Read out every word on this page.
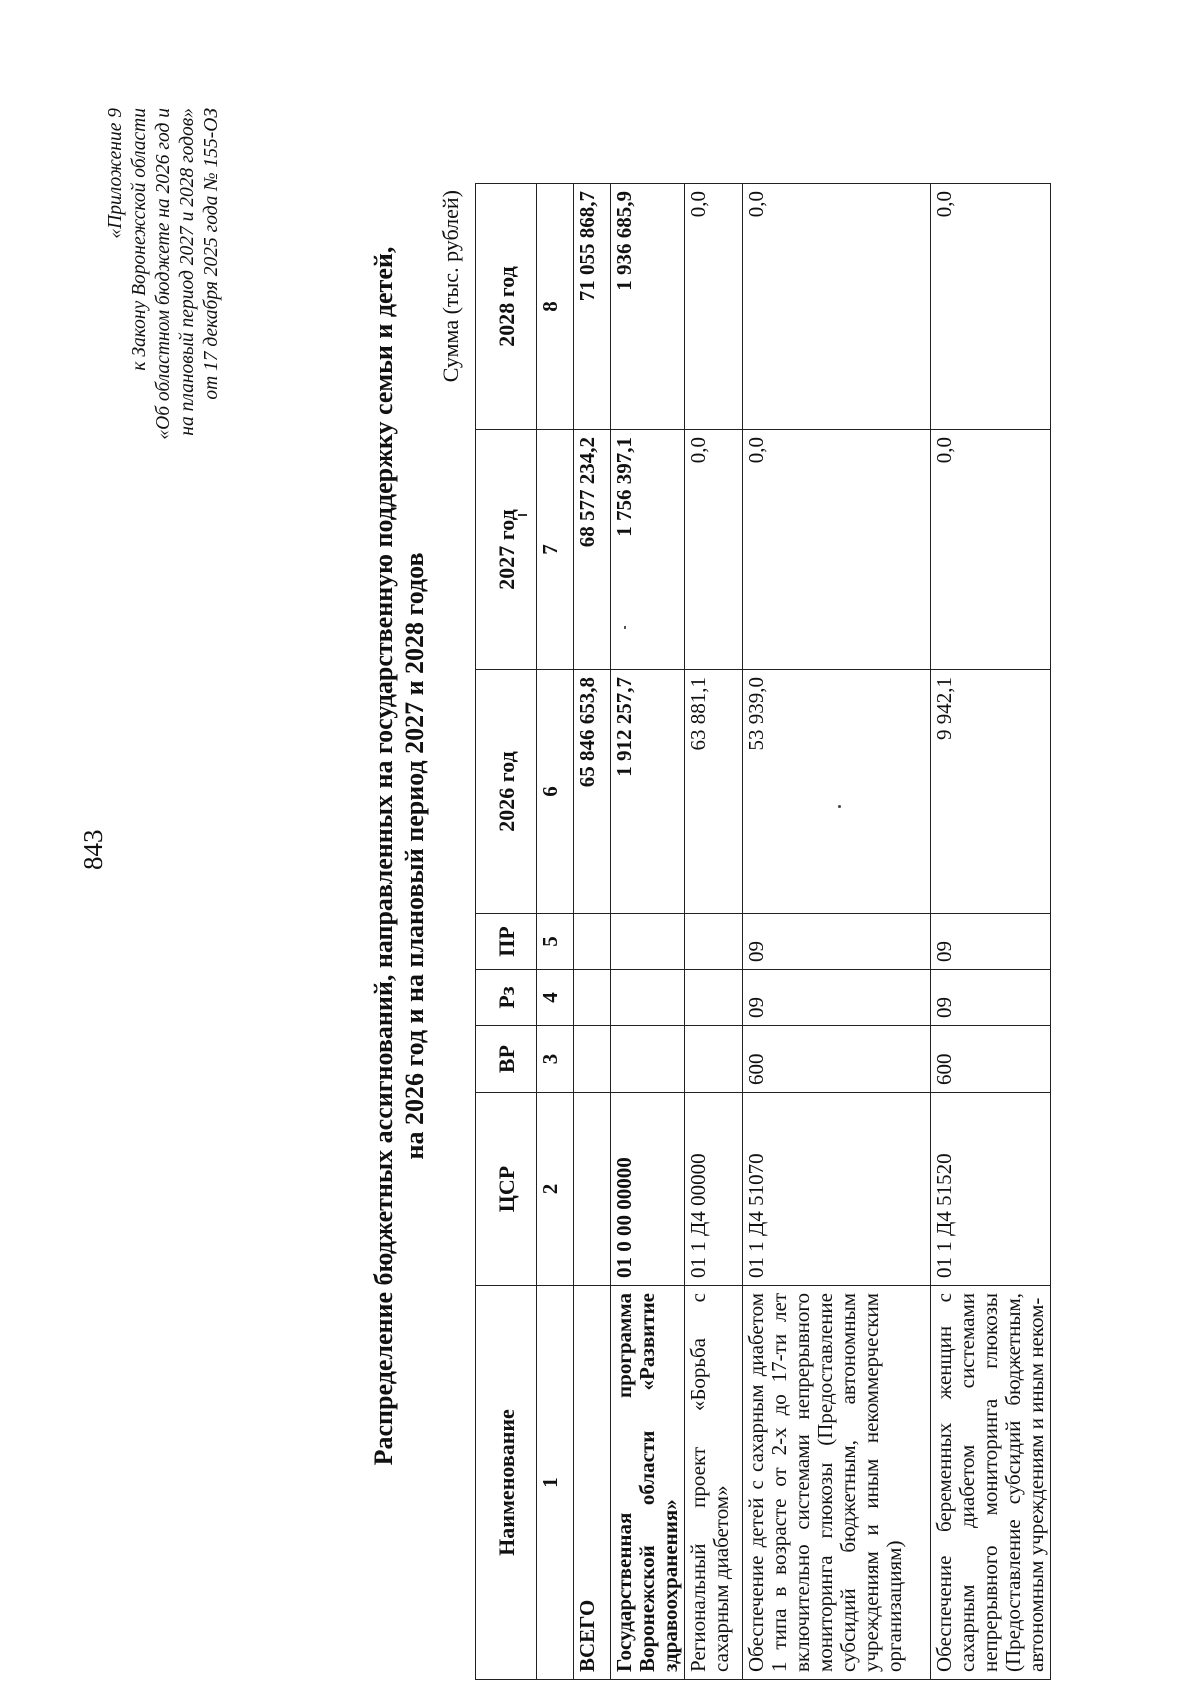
843
«Приложение 9 к Закону Воронежской области «Об областном бюджете на 2026 год и на плановый период 2027 и 2028 годов» от 17 декабря 2025 года № 155-ОЗ	Распределение бюджетных ассигнований, направленных на государственную поддержку семьи и детей, на 2026 год и на плановый период 2027 и 2028 годов
Сумма (тыс. рублей)
Наименование	ЦСР	ВР	Рз	ПР	2026 год	2027 год	2028 год
1	2	3	4	5	6	7	8
ВСЕГО					65 846 653,8	68 577 234,2	71 055 868,7
Государственная программа Воронежской области «Развитие здравоохранения»	01 0 00 00000				1 912 257,7	1 756 397,1	1 936 685,9
Региональный проект «Борьба с сахарным диабетом»	01 1 Д4 00000				63 881,1	0,0	0,0
Обеспечение детей с сахарным диабетом 1 типа в возрасте от 2-х до 17-ти лет включительно системами непрерывного мониторинга глюкозы (Предоставление субсидий бюджетным, автономным учреждениям и иным некоммерческим организациям)	01 1 Д4 51070	600	09	09	53 939,0	0,0	0,0
Обеспечение беременных женщин с сахарным диабетом системами непрерывного мониторинга глюкозы (Предоставление субсидий бюджетным, автономным учреждениям и иным неком-	01 1 Д4 51520	600	09	09	9 942,1	0,0	0,0
